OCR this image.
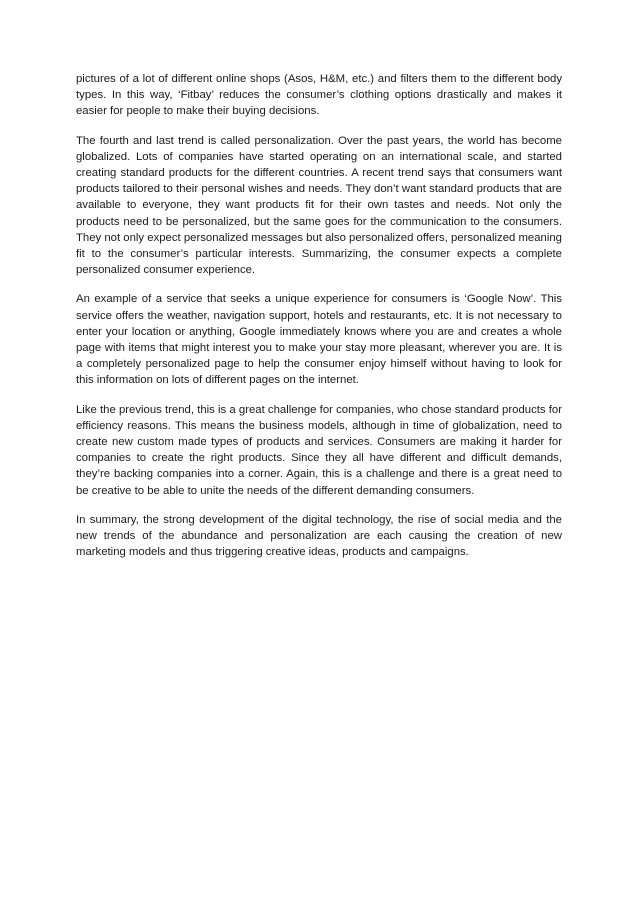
pictures of a lot of different online shops (Asos, H&M, etc.) and filters them to the different body types. In this way, ‘Fitbay’ reduces the consumer’s clothing options drastically and makes it easier for people to make their buying decisions.

The fourth and last trend is called personalization. Over the past years, the world has become globalized. Lots of companies have started operating on an international scale, and started creating standard products for the different countries. A recent trend says that consumers want products tailored to their personal wishes and needs. They don’t want standard products that are available to everyone, they want products fit for their own tastes and needs. Not only the products need to be personalized, but the same goes for the communication to the consumers. They not only expect personalized messages but also personalized offers, personalized meaning fit to the consumer’s particular interests. Summarizing, the consumer expects a complete personalized consumer experience.

An example of a service that seeks a unique experience for consumers is ‘Google Now’. This service offers the weather, navigation support, hotels and restaurants, etc. It is not necessary to enter your location or anything, Google immediately knows where you are and creates a whole page with items that might interest you to make your stay more pleasant, wherever you are. It is a completely personalized page to help the consumer enjoy himself without having to look for this information on lots of different pages on the internet.

Like the previous trend, this is a great challenge for companies, who chose standard products for efficiency reasons. This means the business models, although in time of globalization, need to create new custom made types of products and services. Consumers are making it harder for companies to create the right products. Since they all have different and difficult demands, they’re backing companies into a corner. Again, this is a challenge and there is a great need to be creative to be able to unite the needs of the different demanding consumers.

In summary, the strong development of the digital technology, the rise of social media and the new trends of the abundance and personalization are each causing the creation of new marketing models and thus triggering creative ideas, products and campaigns.
